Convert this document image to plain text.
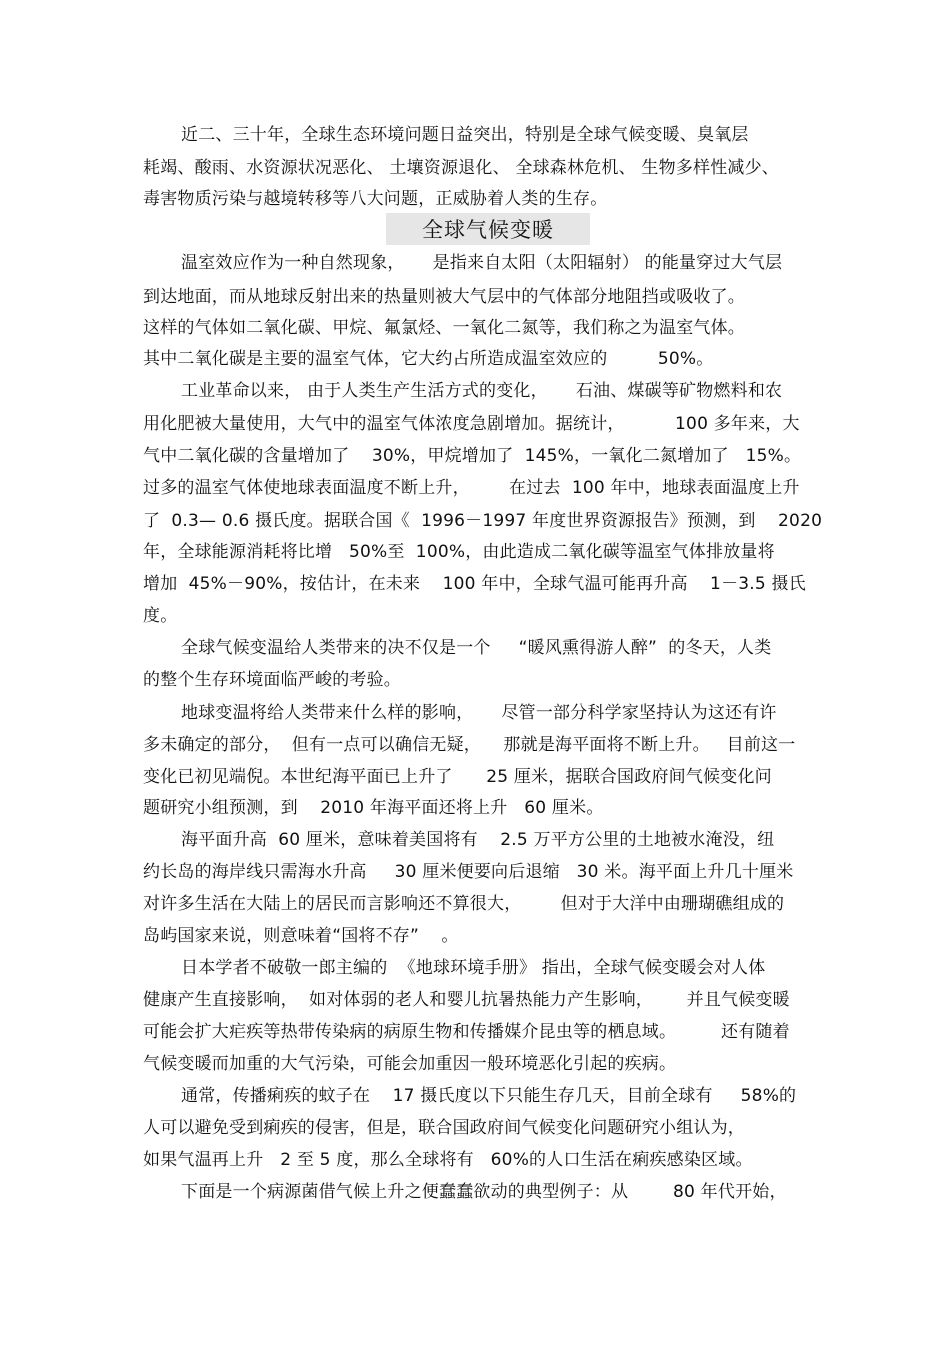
近二、三十年，全球生态环境问题日益突出，特别是全球气候变暖、臭氧层
耗竭、酸雨、水资源状况恶化、 土壤资源退化、 全球森林危机、 生物多样性减少、
毒害物质污染与越境转移等八大问题，正威胁着人类的生存。
全球气候变暖
温室效应作为一种自然现象，     是指来自太阳（太阳辐射） 的能量穿过大气层
到达地面，而从地球反射出来的热量则被大气层中的气体部分地阻挡或吸收了。
这样的气体如二氧化碳、甲烷、氟氯烃、一氧化二氮等，我们称之为温室气体。
其中二氧化碳是主要的温室气体，它大约占所造成温室效应的         50%。
工业革命以来， 由于人类生产生活方式的变化，     石油、煤碳等矿物燃料和农
用化肥被大量使用，大气中的温室气体浓度急剧增加。据统计，         100 多年来，大
气中二氧化碳的含量增加了    30%，甲烷增加了  145%，一氧化二氮增加了   15%。
过多的温室气体使地球表面温度不断上升，       在过去  100 年中，地球表面温度上升
了  0.3— 0.6 摄氏度。据联合国《  1996－1997 年度世界资源报告》预测，到    2020
年，全球能源消耗将比增   50%至  100%，由此造成二氧化碳等温室气体排放量将
增加  45%－90%，按估计，在未来    100 年中，全球气温可能再升高    1－3.5 摄氏
度。
全球气候变温给人类带来的决不仅是一个     “暖风熏得游人醉”  的冬天，人类
的整个生存环境面临严峻的考验。
地球变温将给人类带来什么样的影响，     尽管一部分科学家坚持认为这还有许
多未确定的部分，  但有一点可以确信无疑，    那就是海平面将不断上升。   目前这一
变化已初见端倪。本世纪海平面已上升了      25 厘米，据联合国政府间气候变化问
题研究小组预测，到    2010 年海平面还将上升   60 厘米。
海平面升高  60 厘米，意味着美国将有    2.5 万平方公里的土地被水淹没，纽
约长岛的海岸线只需海水升高     30 厘米便要向后退缩   30 米。海平面上升几十厘米
对许多生活在大陆上的居民而言影响还不算很大，       但对于大洋中由珊瑚礁组成的
岛屿国家来说，则意味着“国将不存”    。
日本学者不破敬一郎主编的  《地球环境手册》 指出，全球气候变暖会对人体
健康产生直接影响，  如对体弱的老人和婴儿抗暑热能力产生影响，      并且气候变暖
可能会扩大疟疾等热带传染病的病原生物和传播媒介昆虫等的栖息域。        还有随着
气候变暖而加重的大气污染，可能会加重因一般环境恶化引起的疾病。
通常，传播痢疾的蚊子在    17 摄氏度以下只能生存几天，目前全球有     58%的
人可以避免受到痢疾的侵害，但是，联合国政府间气候变化问题研究小组认为，
如果气温再上升   2 至 5 度，那么全球将有   60%的人口生活在痢疾感染区域。
下面是一个病源菌借气候上升之便蠢蠢欲动的典型例子：从        80 年代开始，
